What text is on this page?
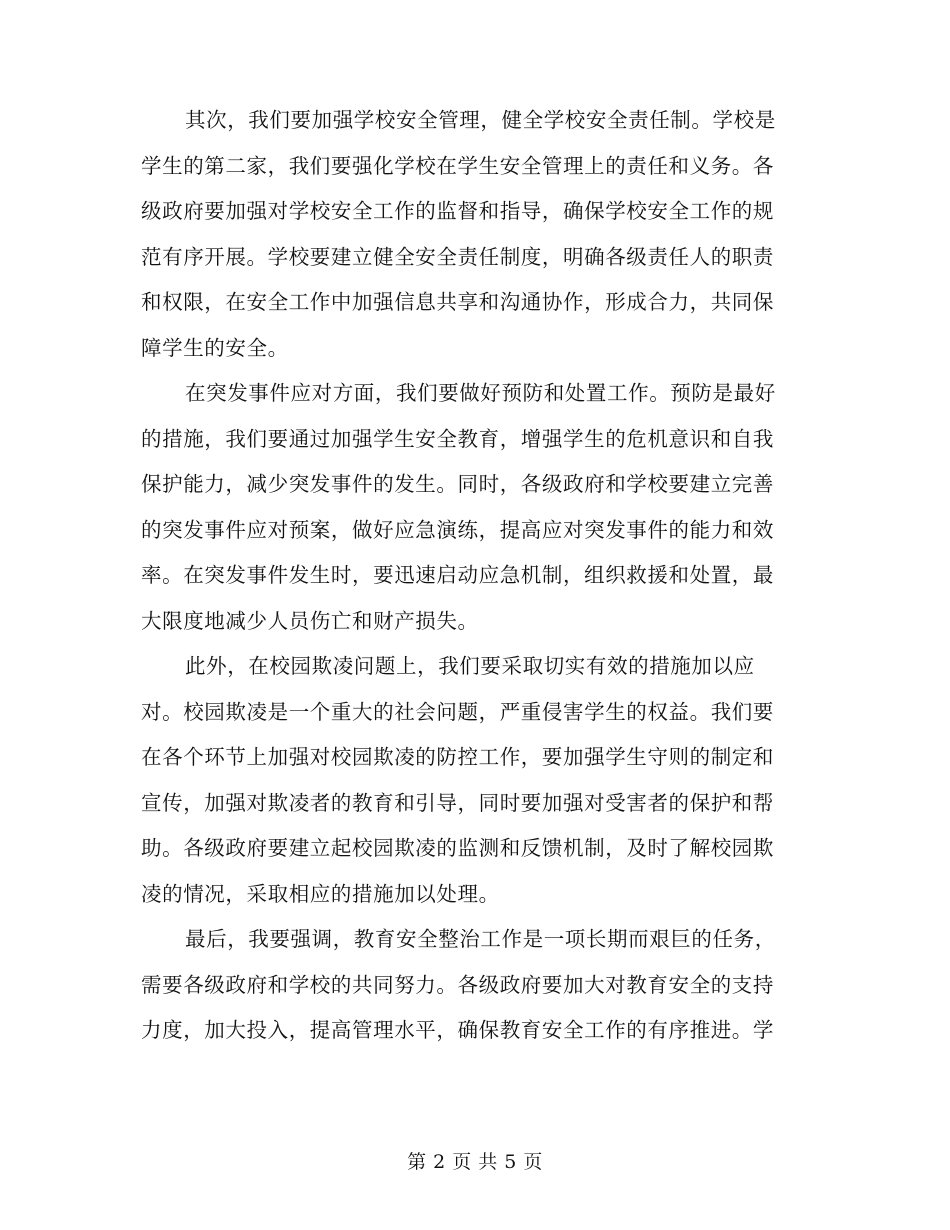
其次，我们要加强学校安全管理，健全学校安全责任制。学校是
学生的第二家，我们要强化学校在学生安全管理上的责任和义务。各
级政府要加强对学校安全工作的监督和指导，确保学校安全工作的规
范有序开展。学校要建立健全安全责任制度，明确各级责任人的职责
和权限，在安全工作中加强信息共享和沟通协作，形成合力，共同保
障学生的安全。
在突发事件应对方面，我们要做好预防和处置工作。预防是最好
的措施，我们要通过加强学生安全教育，增强学生的危机意识和自我
保护能力，减少突发事件的发生。同时，各级政府和学校要建立完善
的突发事件应对预案，做好应急演练，提高应对突发事件的能力和效
率。在突发事件发生时，要迅速启动应急机制，组织救援和处置，最
大限度地减少人员伤亡和财产损失。
此外，在校园欺凌问题上，我们要采取切实有效的措施加以应
对。校园欺凌是一个重大的社会问题，严重侵害学生的权益。我们要
在各个环节上加强对校园欺凌的防控工作，要加强学生守则的制定和
宣传，加强对欺凌者的教育和引导，同时要加强对受害者的保护和帮
助。各级政府要建立起校园欺凌的监测和反馈机制，及时了解校园欺
凌的情况，采取相应的措施加以处理。
最后，我要强调，教育安全整治工作是一项长期而艰巨的任务，
需要各级政府和学校的共同努力。各级政府要加大对教育安全的支持
力度，加大投入，提高管理水平，确保教育安全工作的有序推进。学
第 2 页 共 5 页
